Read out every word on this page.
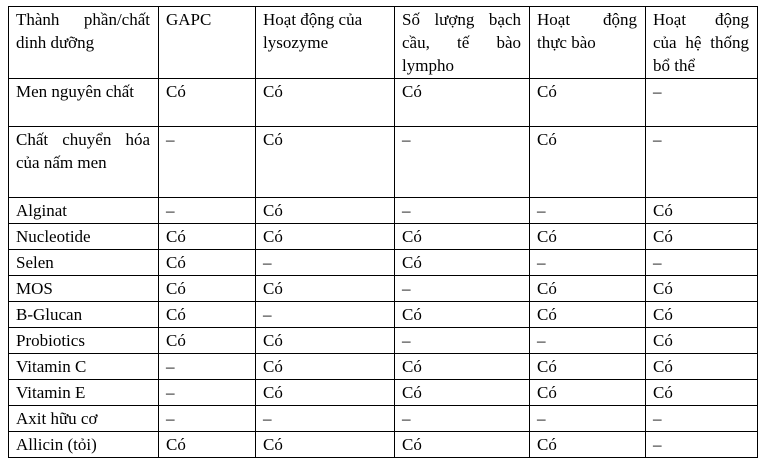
Thành phần/chất dinh dưỡng	GAPC	Hoạt động của lysozyme	Số lượng bạch cầu, tế bào lympho	Hoạt động thực bào	Hoạt động của hệ thống bổ thể
Men nguyên chất	Có	Có	Có	Có	–
Chất chuyển hóa của nấm men	–	Có	–	Có	–
Alginat	–	Có	–	–	Có
Nucleotide	Có	Có	Có	Có	Có
Selen	Có	–	Có	–	–
MOS	Có	Có	–	Có	Có
B-Glucan	Có	–	Có	Có	Có
Probiotics	Có	Có	–	–	Có
Vitamin C	–	Có	Có	Có	Có
Vitamin E	–	Có	Có	Có	Có
Axit hữu cơ	–	–	–	–	–
Allicin (tỏi)	Có	Có	Có	Có	–
